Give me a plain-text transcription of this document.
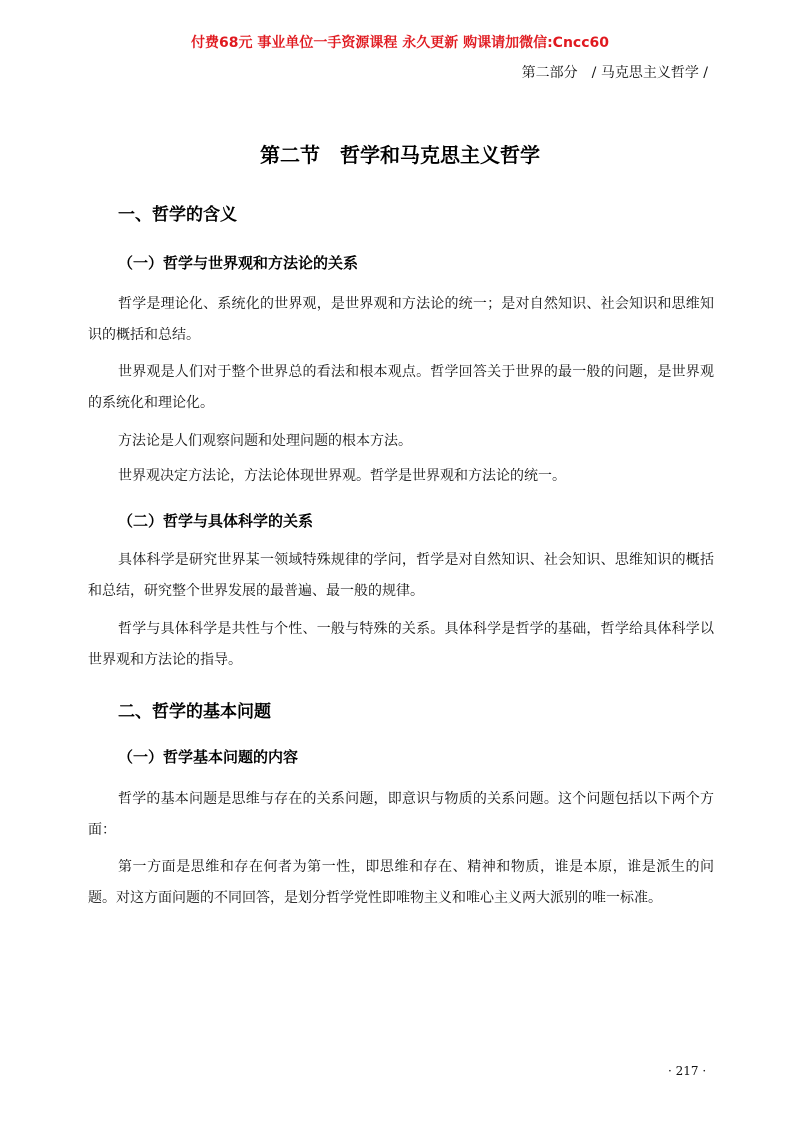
付费68元 事业单位一手资源课程 永久更新 购课请加微信:Cncc60
第二部分　/ 马克思主义哲学 /
第二节　哲学和马克思主义哲学
一、哲学的含义
（一）哲学与世界观和方法论的关系
哲学是理论化、系统化的世界观，是世界观和方法论的统一；是对自然知识、社会知识和思维知识的概括和总结。
世界观是人们对于整个世界总的看法和根本观点。哲学回答关于世界的最一般的问题，是世界观的系统化和理论化。
方法论是人们观察问题和处理问题的根本方法。
世界观决定方法论，方法论体现世界观。哲学是世界观和方法论的统一。
（二）哲学与具体科学的关系
具体科学是研究世界某一领域特殊规律的学问，哲学是对自然知识、社会知识、思维知识的概括和总结，研究整个世界发展的最普遍、最一般的规律。
哲学与具体科学是共性与个性、一般与特殊的关系。具体科学是哲学的基础，哲学给具体科学以世界观和方法论的指导。
二、哲学的基本问题
（一）哲学基本问题的内容
哲学的基本问题是思维与存在的关系问题，即意识与物质的关系问题。这个问题包括以下两个方面：
第一方面是思维和存在何者为第一性，即思维和存在、精神和物质，谁是本原，谁是派生的问题。对这方面问题的不同回答，是划分哲学党性即唯物主义和唯心主义两大派别的唯一标准。
· 217 ·
